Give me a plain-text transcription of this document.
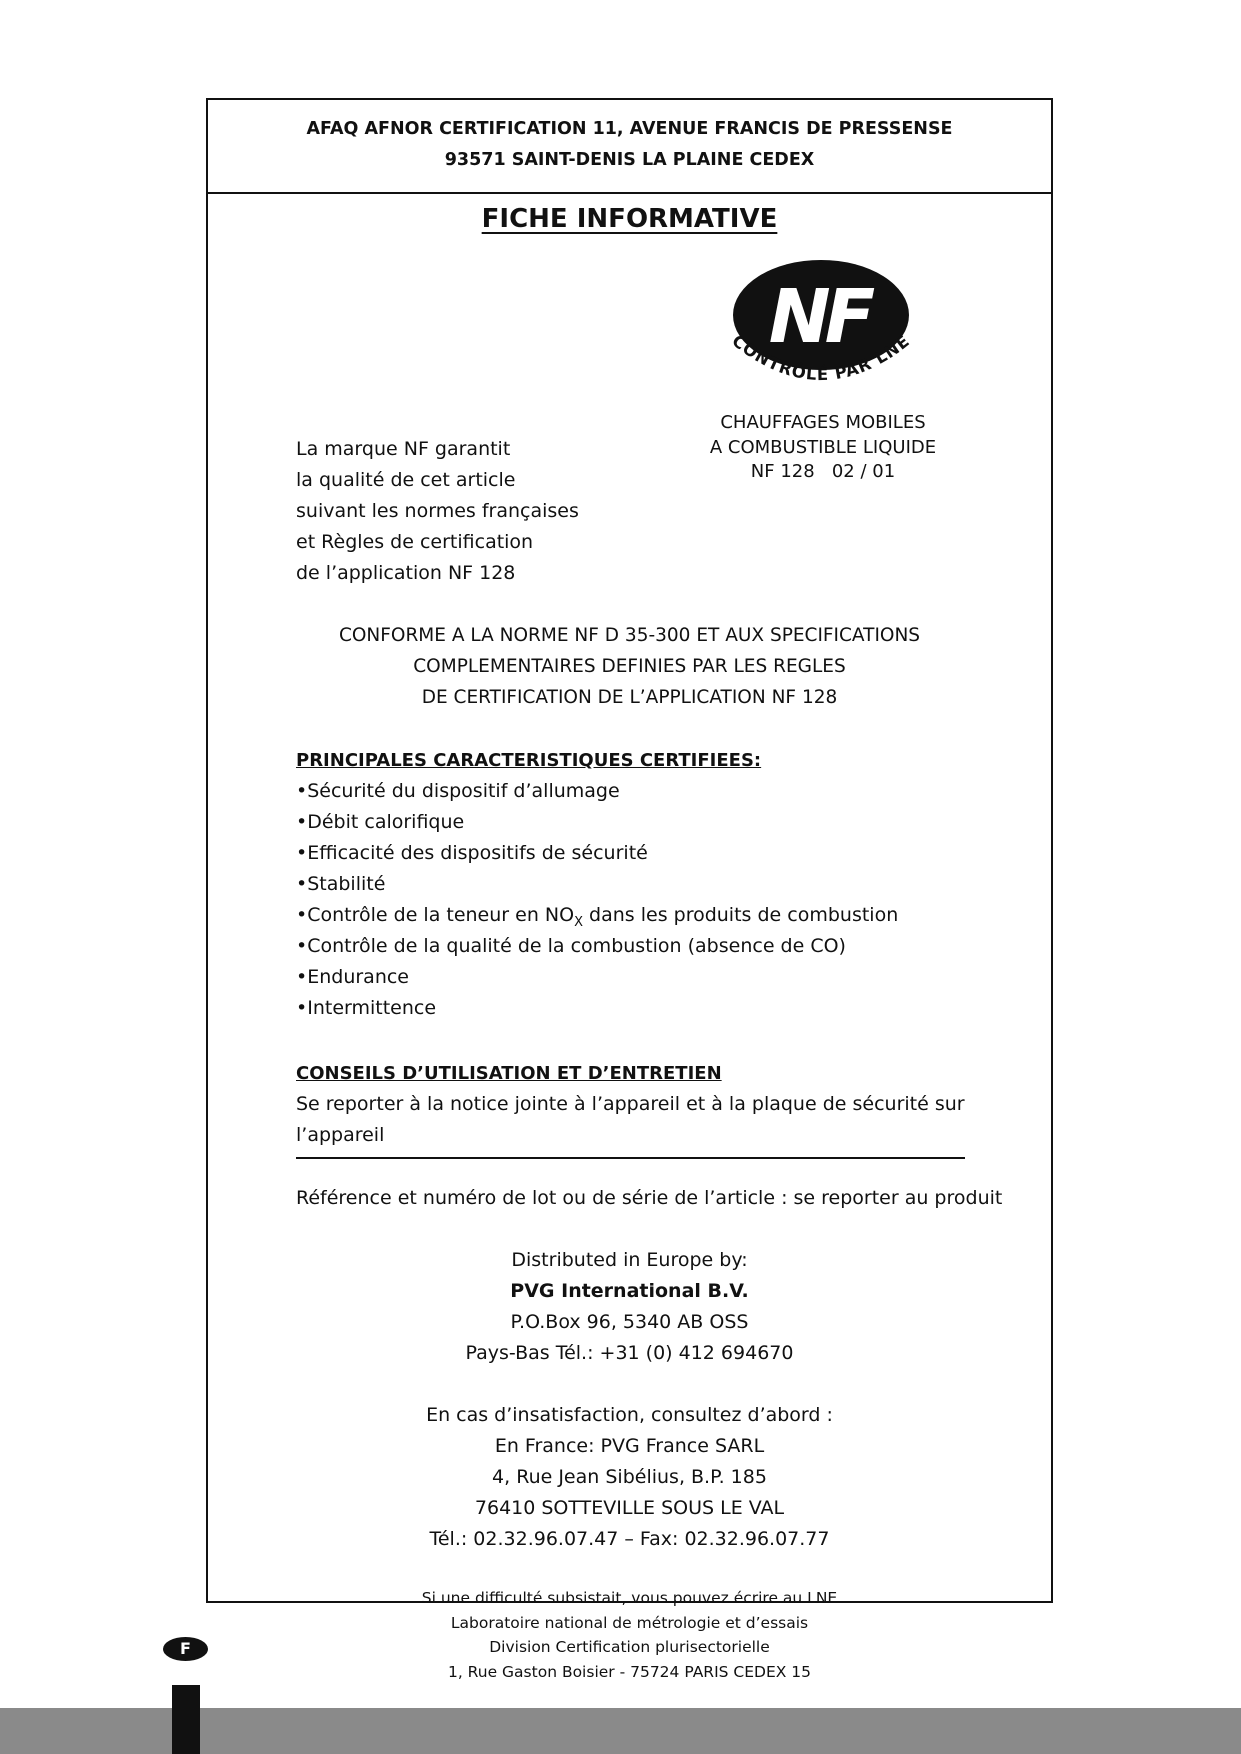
AFAQ AFNOR CERTIFICATION 11, AVENUE FRANCIS DE PRESSENSE
93571 SAINT-DENIS LA PLAINE CEDEX
FICHE INFORMATIVE
La marque NF garantit
la qualité de cet article
suivant les normes françaises
et Règles de certification
de l’application NF 128
NF
CONTRÔLÉ PAR LNE
CHAUFFAGES MOBILES
A COMBUSTIBLE LIQUIDE
NF 128   02 / 01
CONFORME A LA NORME NF D 35-300 ET AUX SPECIFICATIONS
COMPLEMENTAIRES DEFINIES PAR LES REGLES
DE CERTIFICATION DE L’APPLICATION NF 128
PRINCIPALES CARACTERISTIQUES CERTIFIEES:
• Sécurité du dispositif d’allumage
• Débit calorifique
• Efficacité des dispositifs de sécurité
• Stabilité
• Contrôle de la teneur en $NO_X$ dans les produits de combustion
• Contrôle de la qualité de la combustion (absence de CO)
• Endurance
• Intermittence
CONSEILS D’UTILISATION ET D’ENTRETIEN
Se reporter à la notice jointe à l’appareil et à la plaque de sécurité sur l’appareil
Référence et numéro de lot ou de série de l’article : se reporter au produit
Distributed in Europe by:
PVG International B.V.
P.O.Box 96, 5340 AB OSS
Pays-Bas Tél.: +31 (0) 412 694670
En cas d’insatisfaction, consultez d’abord :
En France: PVG France SARL
4, Rue Jean Sibélius, B.P. 185
76410 SOTTEVILLE SOUS LE VAL
Tél.: 02.32.96.07.47 – Fax: 02.32.96.07.77
Si une difficulté subsistait, vous pouvez écrire au LNE
Laboratoire national de métrologie et d’essais
Division Certification plurisectorielle
1, Rue Gaston Boisier - 75724 PARIS CEDEX 15
F
